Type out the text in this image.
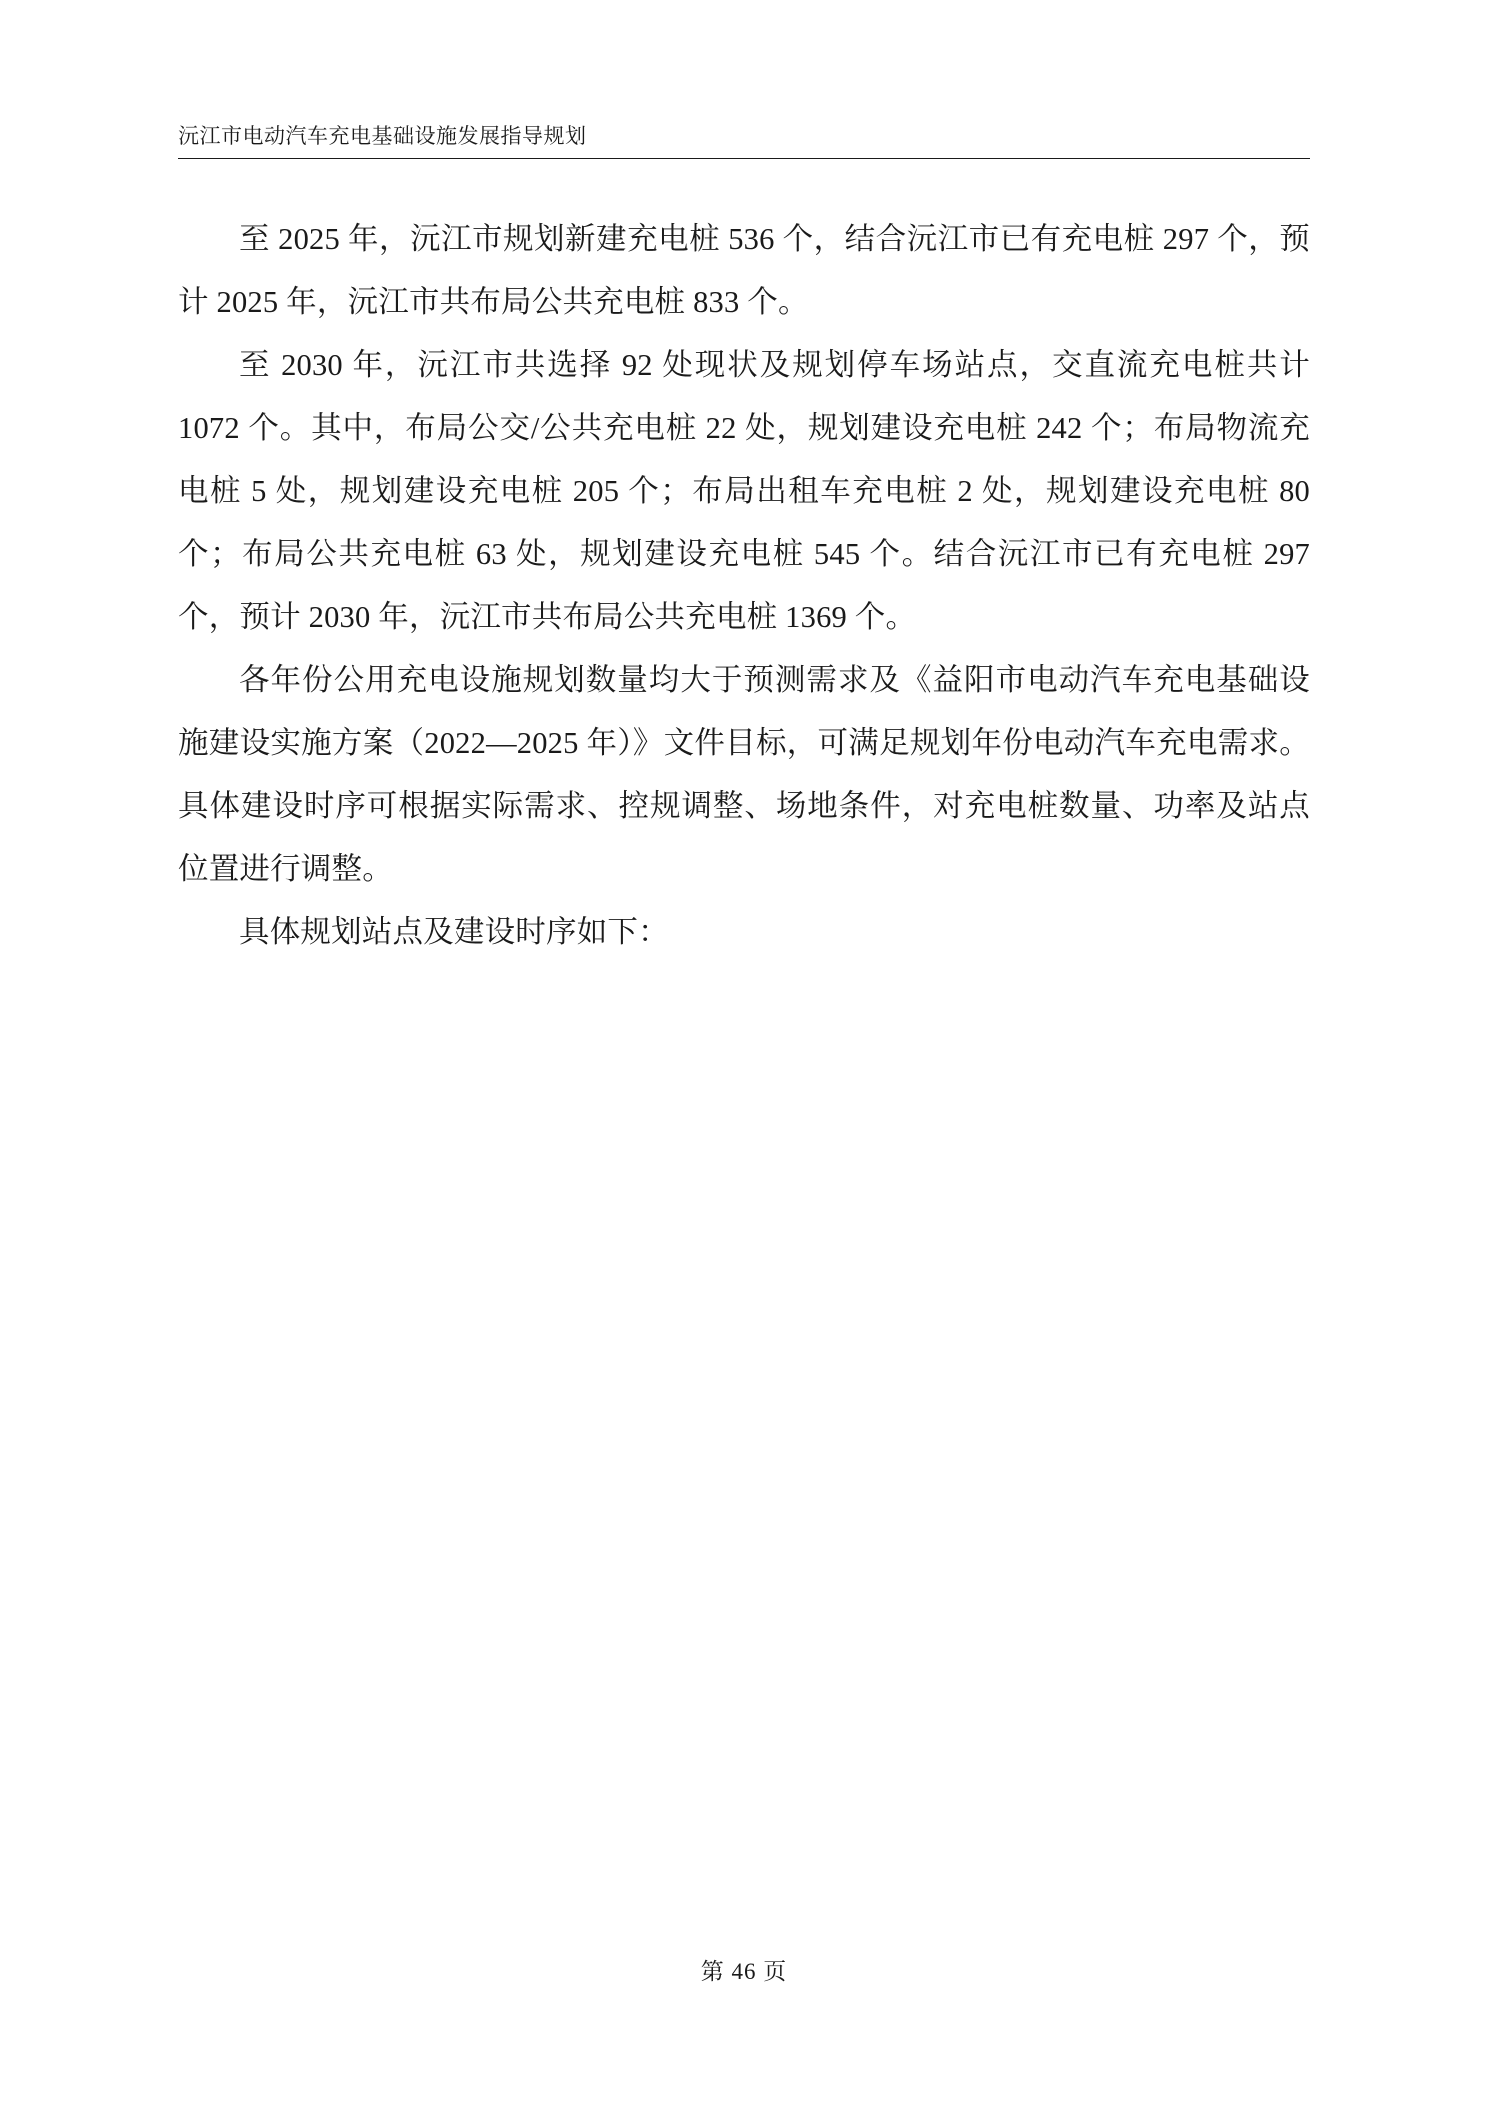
沅江市电动汽车充电基础设施发展指导规划

至 2025 年，沅江市规划新建充电桩 536 个，结合沅江市已有充电桩 297 个，预计 2025 年，沅江市共布局公共充电桩 833 个。

至 2030 年，沅江市共选择 92 处现状及规划停车场站点，交直流充电桩共计 1072 个。其中，布局公交/公共充电桩 22 处，规划建设充电桩 242 个；布局物流充电桩 5 处，规划建设充电桩 205 个；布局出租车充电桩 2 处，规划建设充电桩 80 个；布局公共充电桩 63 处，规划建设充电桩 545 个。结合沅江市已有充电桩 297 个，预计 2030 年，沅江市共布局公共充电桩 1369 个。

各年份公用充电设施规划数量均大于预测需求及《益阳市电动汽车充电基础设施建设实施方案（2022—2025 年）》文件目标，可满足规划年份电动汽车充电需求。具体建设时序可根据实际需求、控规调整、场地条件，对充电桩数量、功率及站点位置进行调整。

具体规划站点及建设时序如下：

第 46 页
